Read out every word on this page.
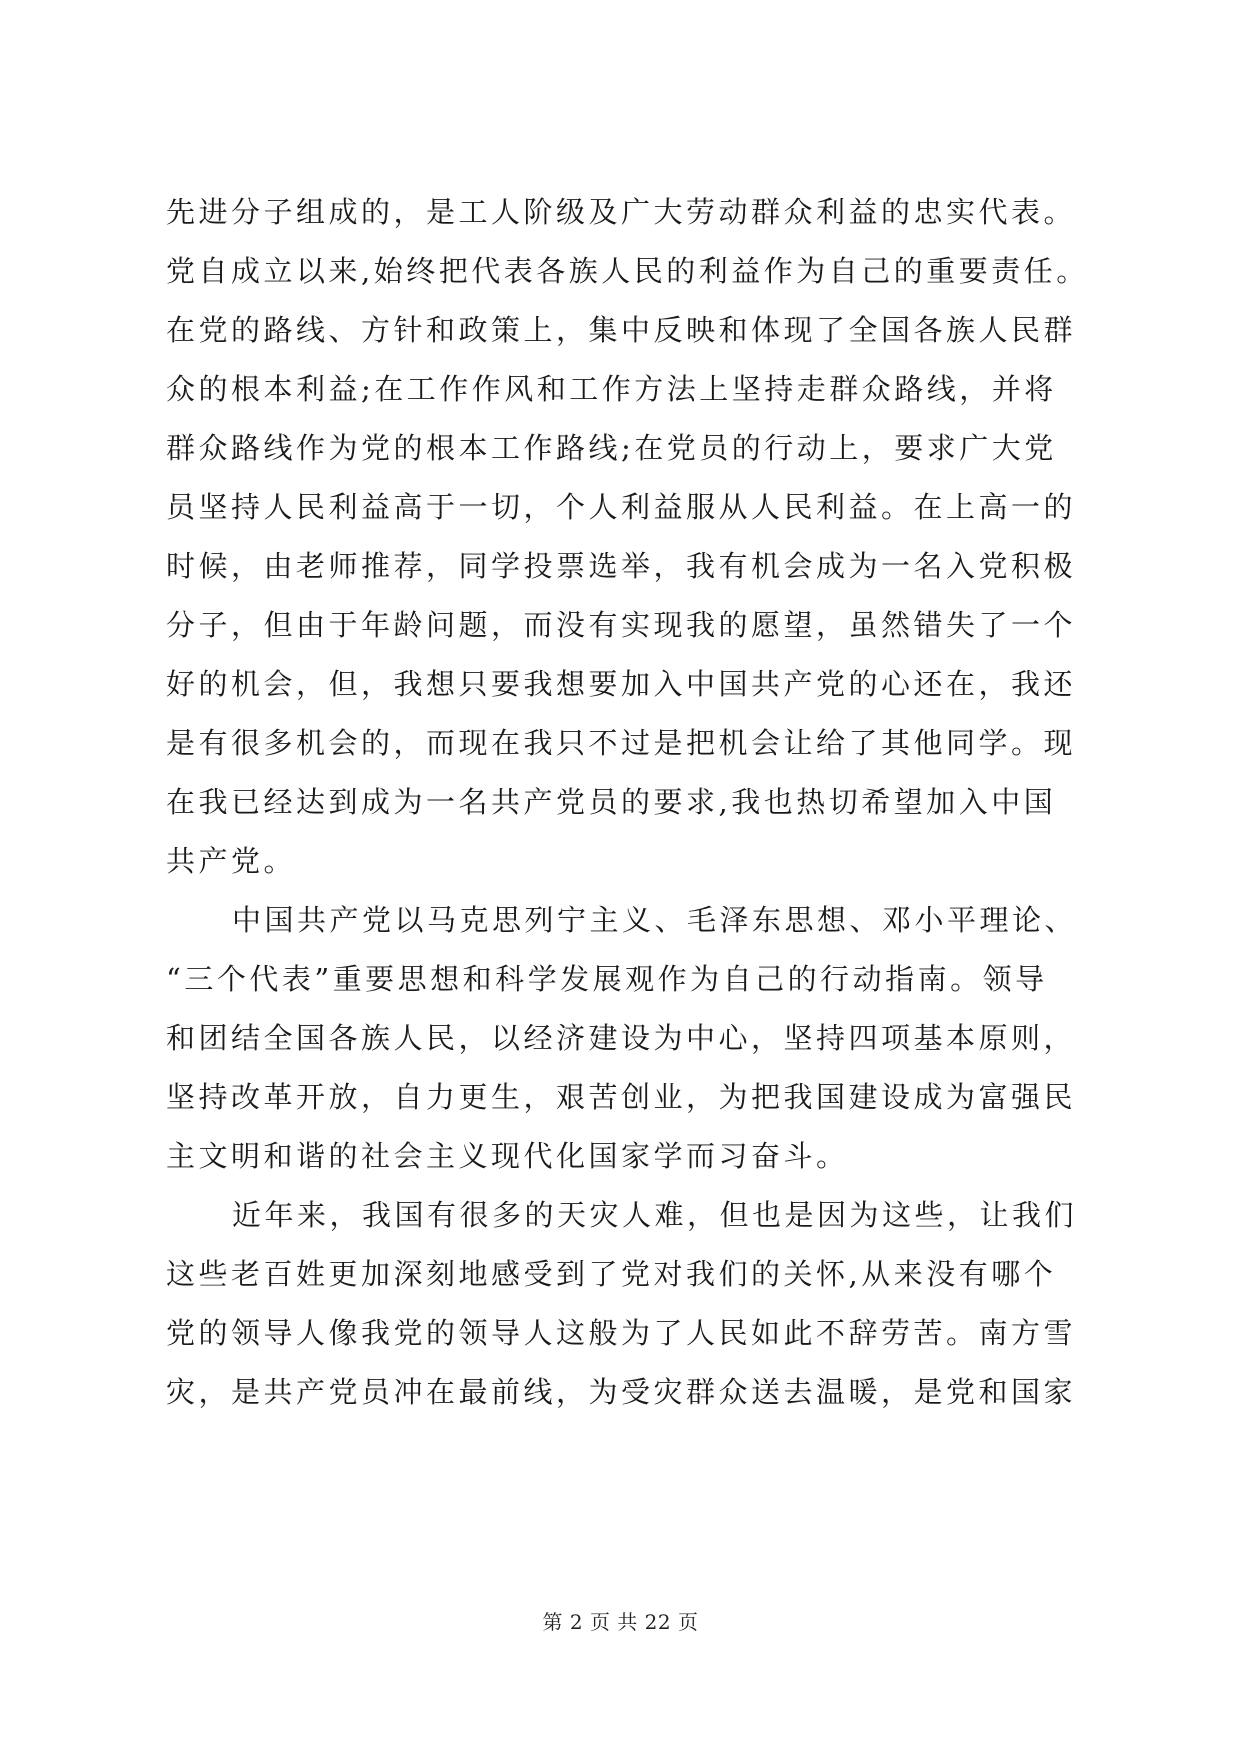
先进分子组成的，是工人阶级及广大劳动群众利益的忠实代表。
党自成立以来,始终把代表各族人民的利益作为自己的重要责任。
在党的路线、方针和政策上，集中反映和体现了全国各族人民群
众的根本利益;在工作作风和工作方法上坚持走群众路线，并将
群众路线作为党的根本工作路线;在党员的行动上，要求广大党
员坚持人民利益高于一切，个人利益服从人民利益。在上高一的
时候，由老师推荐，同学投票选举，我有机会成为一名入党积极
分子，但由于年龄问题，而没有实现我的愿望，虽然错失了一个
好的机会，但，我想只要我想要加入中国共产党的心还在，我还
是有很多机会的，而现在我只不过是把机会让给了其他同学。现
在我已经达到成为一名共产党员的要求,我也热切希望加入中国
共产党。
中国共产党以马克思列宁主义、毛泽东思想、邓小平理论、
“三个代表”重要思想和科学发展观作为自己的行动指南。领导
和团结全国各族人民，以经济建设为中心，坚持四项基本原则，
坚持改革开放，自力更生，艰苦创业，为把我国建设成为富强民
主文明和谐的社会主义现代化国家学而习奋斗。
近年来，我国有很多的天灾人难，但也是因为这些，让我们
这些老百姓更加深刻地感受到了党对我们的关怀,从来没有哪个
党的领导人像我党的领导人这般为了人民如此不辞劳苦。南方雪
灾，是共产党员冲在最前线，为受灾群众送去温暖，是党和国家
第 2 页 共 22 页
